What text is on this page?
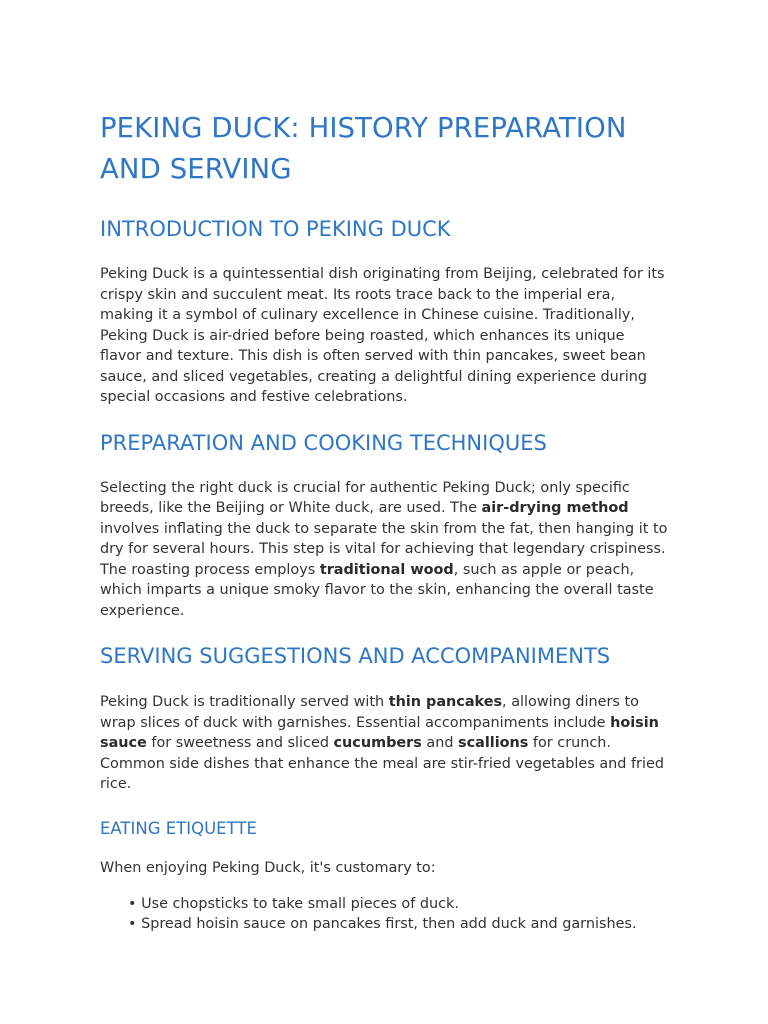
PEKING DUCK: HISTORY PREPARATION AND SERVING
INTRODUCTION TO PEKING DUCK

Peking Duck is a quintessential dish originating from Beijing, celebrated for its crispy skin and succulent meat. Its roots trace back to the imperial era, making it a symbol of culinary excellence in Chinese cuisine. Traditionally, Peking Duck is air-dried before being roasted, which enhances its unique flavor and texture. This dish is often served with thin pancakes, sweet bean sauce, and sliced vegetables, creating a delightful dining experience during special occasions and festive celebrations.

PREPARATION AND COOKING TECHNIQUES

Selecting the right duck is crucial for authentic Peking Duck; only specific breeds, like the Beijing or White duck, are used. The air-drying method involves inflating the duck to separate the skin from the fat, then hanging it to dry for several hours. This step is vital for achieving that legendary crispiness. The roasting process employs traditional wood, such as apple or peach, which imparts a unique smoky flavor to the skin, enhancing the overall taste experience.

SERVING SUGGESTIONS AND ACCOMPANIMENTS

Peking Duck is traditionally served with thin pancakes, allowing diners to wrap slices of duck with garnishes. Essential accompaniments include hoisin sauce for sweetness and sliced cucumbers and scallions for crunch. Common side dishes that enhance the meal are stir-fried vegetables and fried rice.

EATING ETIQUETTE

When enjoying Peking Duck, it's customary to:

• Use chopsticks to take small pieces of duck.
• Spread hoisin sauce on pancakes first, then add duck and garnishes.
